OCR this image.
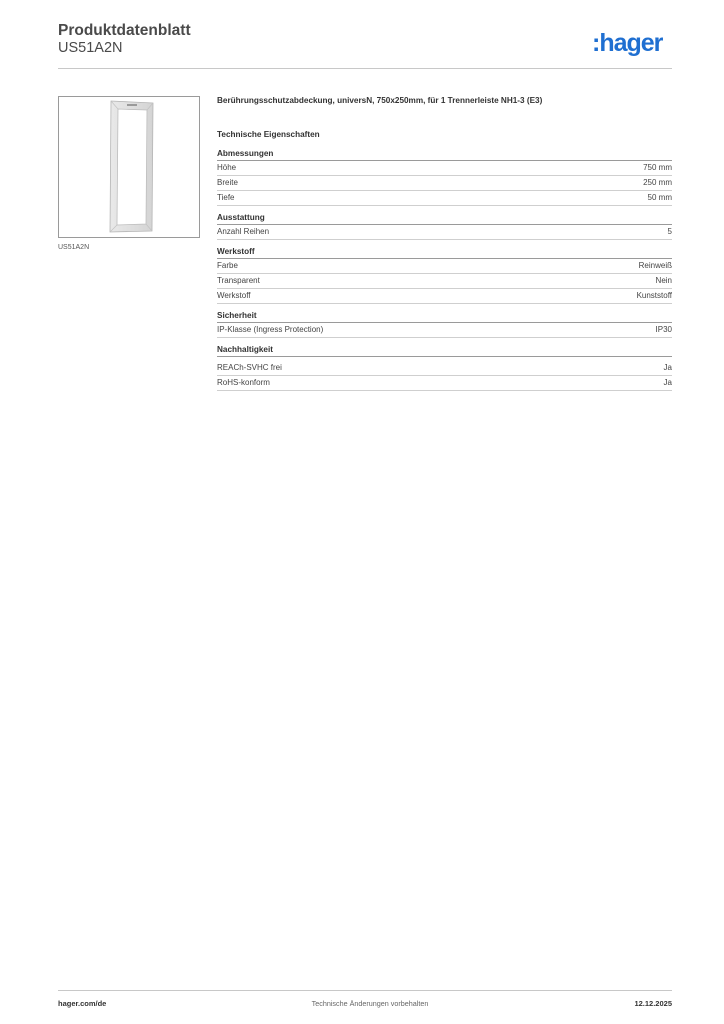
Produktdatenblatt
US51A2N	:hager
US51A2N
Berührungsschutzabdeckung, universN, 750x250mm, für 1 Trennerleiste NH1-3 (E3)
Technische Eigenschaften
Abmessungen
Höhe	750 mm
Breite	250 mm
Tiefe	50 mm
Ausstattung
Anzahl Reihen	5
Werkstoff
Farbe	Reinweiß
Transparent	Nein
Werkstoff	Kunststoff
Sicherheit
IP-Klasse (Ingress Protection)	IP30
Nachhaltigkeit
REACh-SVHC frei	Ja
RoHS-konform	Ja
hager.com/de	Technische Änderungen vorbehalten	12.12.2025
